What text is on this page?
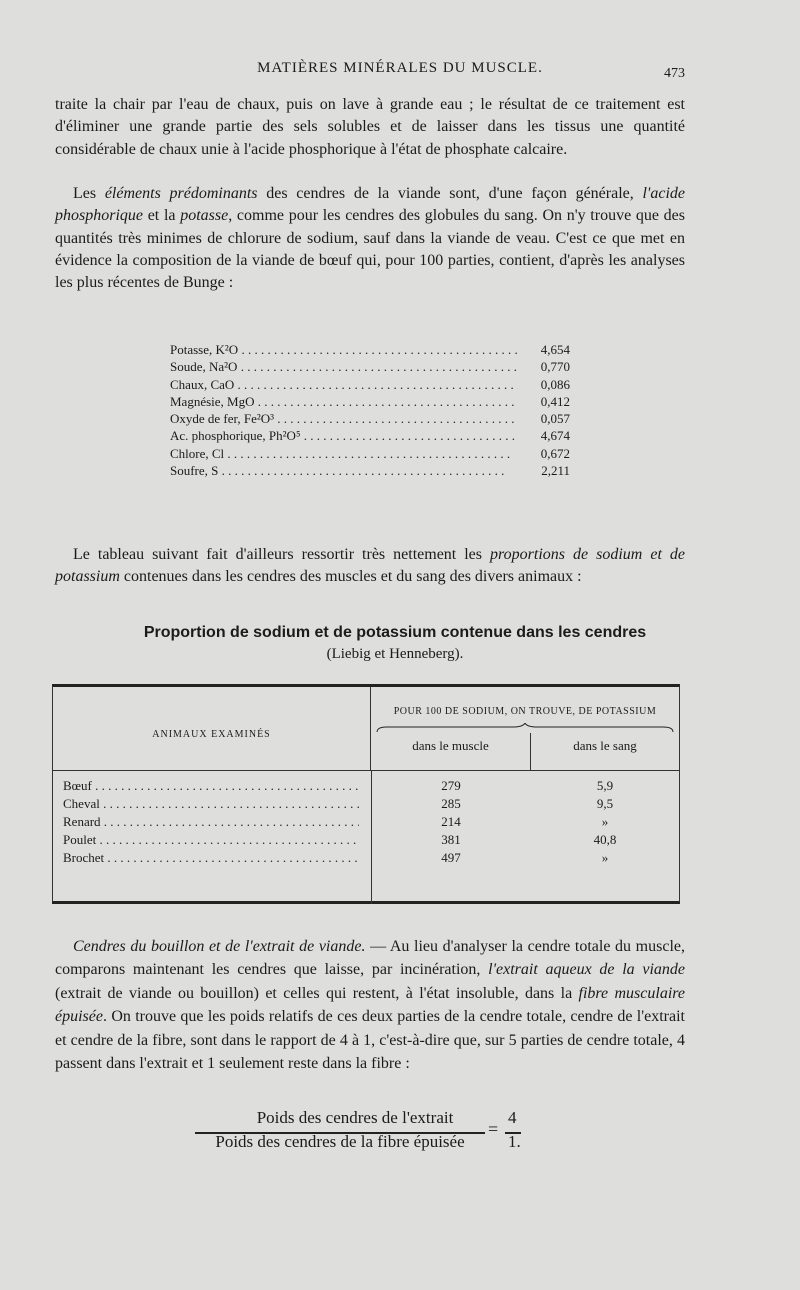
MATIÈRES MINÉRALES DU MUSCLE.	473

traite la chair par l'eau de chaux, puis on lave à grande eau ; le résultat de ce traitement est d'éliminer une grande partie des sels solubles et de laisser dans les tissus une quantité considérable de chaux unie à l'acide phosphorique à l'état de phosphate calcaire.

Les éléments prédominants des cendres de la viande sont, d'une façon générale, l'acide phosphorique et la potasse, comme pour les cendres des globules du sang. On n'y trouve que des quantités très minimes de chlorure de sodium, sauf dans la viande de veau. C'est ce que met en évidence la composition de la viande de bœuf qui, pour 100 parties, contient, d'après les analyses les plus récentes de Bunge :

Potasse, K²O . . .	4,654
Soude, Na²O . . .	0,770
Chaux, CaO . . .	0,086
Magnésie, MgO . . .	0,412
Oxyde de fer, Fe²O³ . . .	0,057
Ac. phosphorique, Ph²O⁵ . . .	4,674
Chlore, Cl . . .	0,672
Soufre, S . . .	2,211

Le tableau suivant fait d'ailleurs ressortir très nettement les proportions de sodium et de potassium contenues dans les cendres des muscles et du sang des divers animaux :

Proportion de sodium et de potassium contenue dans les cendres
(Liebig et Henneberg).
ANIMAUX EXAMINÉS
POUR 100 DE SODIUM, ON TROUVE, DE POTASSIUM
dans le muscle	dans le sang
Bœuf . . .	279	5,9
Cheval . . .	285	9,5
Renard . . .	214	»
Poulet . . .	381	40,8
Brochet . . .	497	»

Cendres du bouillon et de l'extrait de viande. — Au lieu d'analyser la cendre totale du muscle, comparons maintenant les cendres que laisse, par incinération, l'extrait aqueux de la viande (extrait de viande ou bouillon) et celles qui restent, à l'état insoluble, dans la fibre musculaire épuisée. On trouve que les poids relatifs de ces deux parties de la cendre totale, cendre de l'extrait et cendre de la fibre, sont dans le rapport de 4 à 1, c'est-à-dire que, sur 5 parties de cendre totale, 4 passent dans l'extrait et 1 seulement reste dans la fibre :

Poids des cendres de l'extrait
Poids des cendres de la fibre épuisée
=
4
1.
